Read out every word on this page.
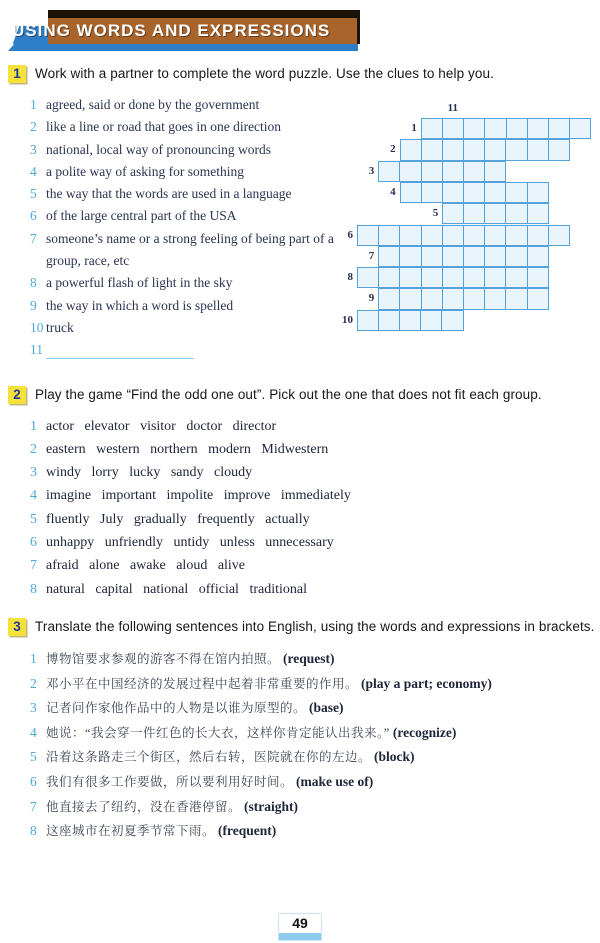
USING WORDS AND EXPRESSIONS
1	Work with a partner to complete the word puzzle. Use the clues to help you.
1 agreed, said or done by the government
2 like a line or road that goes in one direction
3 national, local way of pronouncing words
4 a polite way of asking for something
5 the way that the words are used in a language
6 of the large central part of the USA
7 someone’s name or a strong feeling of being part of a group, race, etc
8 a powerful flash of light in the sky
9 the way in which a word is spelled
10 truck
11
1
2
3
4
5
6
7
8
9
10
11
2	Play the game “Find the odd one out”. Pick out the one that does not fit each group.
1 actor elevator visitor doctor director
2 eastern western northern modern Midwestern
3 windy lorry lucky sandy cloudy
4 imagine important impolite improve immediately
5 fluently July gradually frequently actually
6 unhappy unfriendly untidy unless unnecessary
7 afraid alone awake aloud alive
8 natural capital national official traditional
3	Translate the following sentences into English, using the words and expressions in brackets.
1 博物馆要求参观的游客不得在馆内拍照。 (request)
2 邓小平在中国经济的发展过程中起着非常重要的作用。 (play a part; economy)
3 记者问作家他作品中的人物是以谁为原型的。 (base)
4 她说：“我会穿一件红色的长大衣，这样你肯定能认出我来。” (recognize)
5 沿着这条路走三个街区，然后右转，医院就在你的左边。 (block)
6 我们有很多工作要做，所以要利用好时间。 (make use of)
7 他直接去了纽约，没在香港停留。 (straight)
8 这座城市在初夏季节常下雨。 (frequent)
49
